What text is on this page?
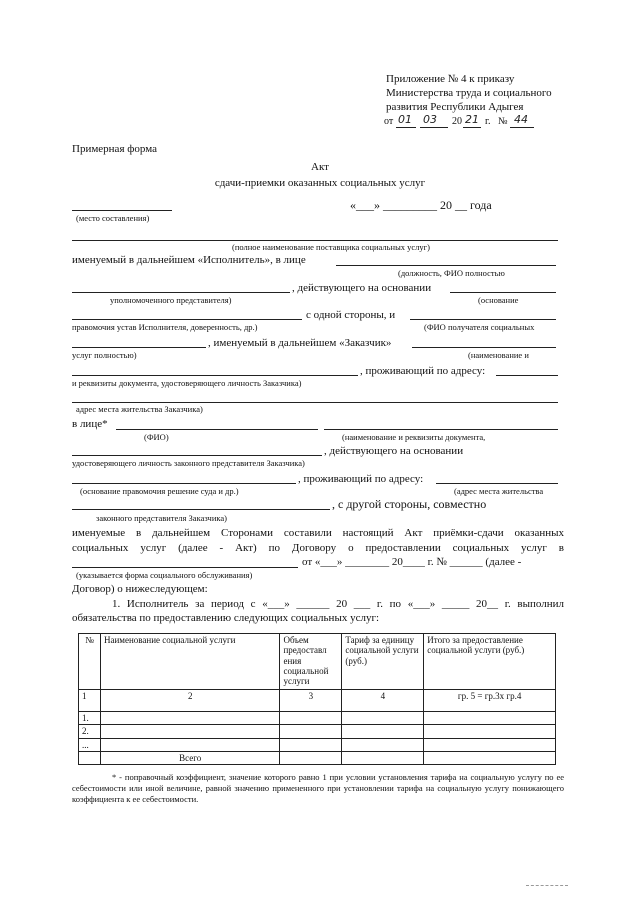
Приложение № 4 к приказу
Министерства труда и социального
развития Республики Адыгея
от 01 03 20 21 г. № 44
Примерная форма
Акт
сдачи-приемки оказанных социальных услуг
«___» _________ 20 __ года
(место составления)
(полное наименование поставщика социальных услуг)
именуемый в дальнейшем «Исполнитель», в лице
(должность, ФИО полностью
, действующего на основании
уполномоченного представителя)	(основание
с одной стороны, и
правомочия устав Исполнителя, доверенность, др.)	(ФИО получателя социальных
, именуемый в дальнейшем «Заказчик»
услуг полностью)	(наименование и
, проживающий по адресу:
и реквизиты документа, удостоверяющего личность Заказчика)
адрес места жительства Заказчика)
в лице*
(ФИО)	(наименование и реквизиты документа,
, действующего на основании
удостоверяющего личность законного представителя Заказчика)
, проживающий по адресу:
(основание правомочия решение суда и др.)	(адрес места жительства
, с другой стороны, совместно
законного представителя Заказчика)
именуемые в дальнейшем Сторонами составили настоящий Акт приёмки-сдачи оказанных
социальных услуг (далее - Акт) по Договору о предоставлении социальных услуг в
от «___» ________ 20____ г. № ______ (далее -
(указывается форма социального обслуживания)
Договор) о нижеследующем:
1. Исполнитель за период с «___» ______ 20 ___ г. по «___» _____ 20__ г. выполнил
обязательства по предоставлению следующих социальных услуг:
№	Наименование социальной услуги	Объем предоставл ения социальной услуги	Тариф за единицу социальной услуги (руб.)	Итого за предоставление социальной услуги (руб.)
1	2	3	4	гр. 5 = гр.3х гр.4
1.				
2.				
...				
	Всего			
* - поправочный коэффициент, значение которого равно 1 при условии установления тарифа на социальную услугу по ее себестоимости или иной величине, равной значению примененного при установлении тарифа на социальную услугу понижающего коэффициента к ее себестоимости.
